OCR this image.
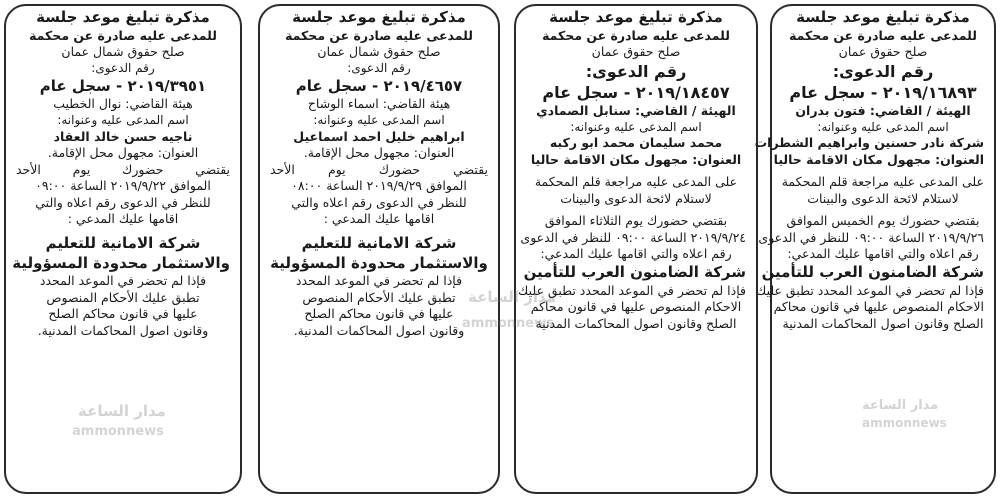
مذكرة تبليغ موعد جلسة
للمدعى عليه صادرة عن محكمة
صلح حقوق عمان
رقم الدعوى:
٢٠١٩/١٦٨٩٣ - سجل عام
الهيئة / القاضي: فتون بدران
اسم المدعى عليه وعنوانه:
شركة نادر حسنين وابراهيم الشطرات
العنوان: مجهول مكان الاقامة حاليا
على المدعى عليه مراجعة قلم المحكمة
لاستلام لائحة الدعوى والبينات
بقتضي حضورك يوم الخميس الموافق
٢٠١٩/٩/٢٦ الساعة ٠٩:٠٠ للنظر في الدعوى
رقم اعلاه والتي اقامها عليك المدعي:
شركة الضامنون العرب للتأمين
فإذا لم تحضر في الموعد المحدد تطبق عليك
الاحكام المنصوص عليها في قانون محاكم
الصلح وقانون اصول المحاكمات المدنية
مذكرة تبليغ موعد جلسة
للمدعى عليه صادرة عن محكمة
صلح حقوق عمان
رقم الدعوى:
٢٠١٩/١٨٤٥٧ - سجل عام
الهيئة / القاضي: سنابل الصمادي
اسم المدعى عليه وعنوانه:
محمد سليمان محمد ابو ركبه
العنوان: مجهول مكان الاقامة حاليا
على المدعى عليه مراجعة قلم المحكمة
لاستلام لائحة الدعوى والبينات
بقتضي حضورك يوم الثلاثاء الموافق
٢٠١٩/٩/٢٤ الساعة ٠٩:٠٠ للنظر في الدعوى
رقم اعلاه والتي اقامها عليك المدعي:
شركة الضامنون العرب للتأمين
فإذا لم تحضر في الموعد المحدد تطبق عليك
الاحكام المنصوص عليها في قانون محاكم
الصلح وقانون اصول المحاكمات المدنية
مذكرة تبليغ موعد جلسة
للمدعى عليه صادرة عن محكمة
صلح حقوق شمال عمان
رقم الدعوى:
٢٠١٩/٤٦٥٧ - سجل عام
هيئة القاضي: اسماء الوشاح
اسم المدعى عليه وعنوانه:
ابراهيم خليل احمد اسماعيل
العنوان: مجهول محل الإقامة.
يقتضي حضورك يوم الأحد
الموافق ٢٠١٩/٩/٢٩ الساعة ٠٨:٠٠
للنظر في الدعوى رقم اعلاه والتي
اقامها عليك المدعي :
شركة الامانية للتعليم
والاستثمار محدودة المسؤولية
فإذا لم تحضر في الموعد المحدد
تطبق عليك الأحكام المنصوص
عليها في قانون محاكم الصلح
وقانون اصول المحاكمات المدنية.
مذكرة تبليغ موعد جلسة
للمدعى عليه صادرة عن محكمة
صلح حقوق شمال عمان
رقم الدعوى:
٢٠١٩/٣٩٥١ - سجل عام
هيئة القاضي: نوال الخطيب
اسم المدعى عليه وعنوانه:
ناجيه حسن خالد العقاد
العنوان: مجهول محل الإقامة.
يقتضي حضورك يوم الأحد
الموافق ٢٠١٩/٩/٢٢ الساعة ٠٩:٠٠
للنظر في الدعوى رقم اعلاه والتي
اقامها عليك المدعي :
شركة الامانية للتعليم
والاستثمار محدودة المسؤولية
فإذا لم تحضر في الموعد المحدد
تطبق عليك الأحكام المنصوص
عليها في قانون محاكم الصلح
وقانون اصول المحاكمات المدنية.
مدار الساعة
ammonnews
مدار الساعة
ammonnews
مدار الساعة
ammonnews
